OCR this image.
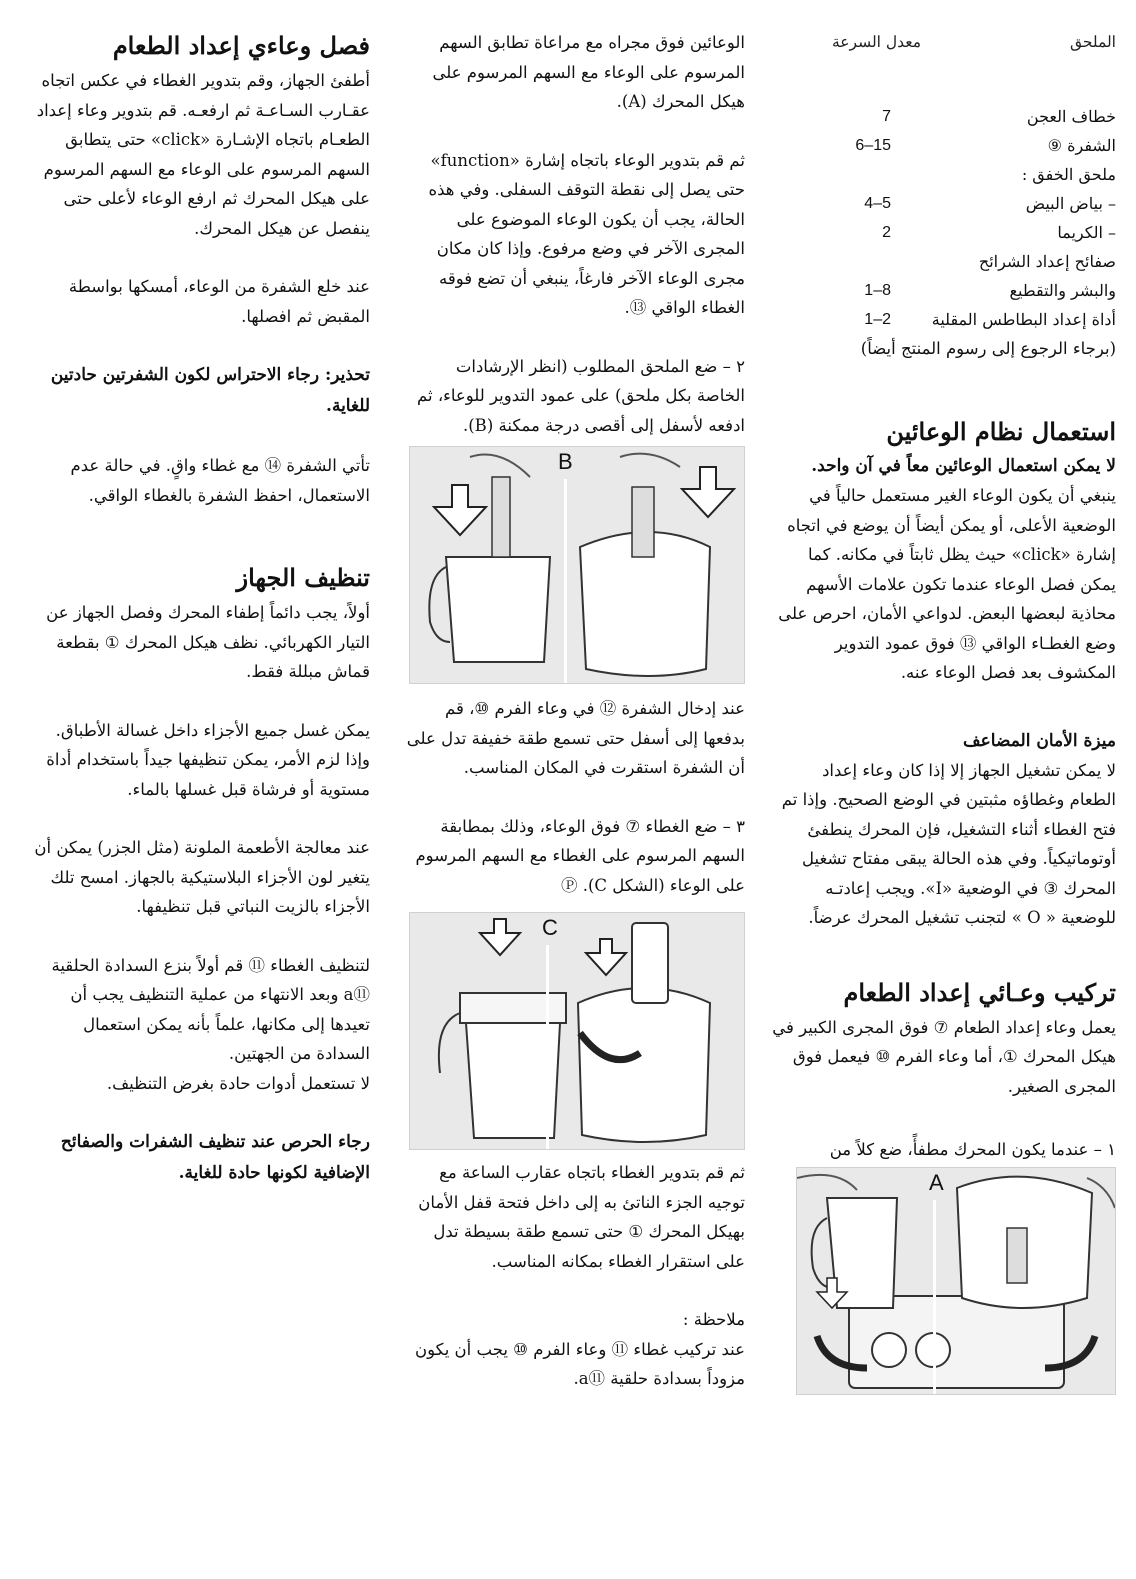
الملحق
معدل السرعة
خطاف العجن
7
الشفرة ⑨
6–15
ملحق الخفق :
– بياض البيض
4–5
– الكريما
2
صفائح إعداد الشرائح
والبشر والتقطيع
1–8
أداة إعداد البطاطس المقلية
1–2

(برجاء الرجوع إلى رسوم المنتج أيضاً)

استعمال نظام الوعائين

لا يمكن استعمال الوعائين معاً في آن واحد.

ينبغي أن يكون الوعاء الغير مستعمل حالياً في الوضعية الأعلى، أو يمكن أيضاً أن يوضع في اتجاه إشارة «click» حيث يظل ثابتاً في مكانه. كما يمكن فصل الوعاء عندما تكون علامات الأسهم محاذية لبعضها البعض. لدواعي الأمان، احرص على وضع الغطـاء الواقي ⑬ فوق عمود التدوير المكشوف بعد فصل الوعاء عنه.

ميزة الأمان المضاعف

لا يمكن تشغيل الجهاز إلا إذا كان وعاء إعداد الطعام وغطاؤه مثبتين في الوضع الصحيح. وإذا تم فتح الغطاء أثناء التشغيل، فإن المحرك ينطفئ أوتوماتيكياً. وفي هذه الحالة يبقى مفتاح تشغيل المحرك ③ في الوضعية «I». ويجب إعادتـه للوضعية « O » لتجنب تشغيل المحرك عرضاً.

تركيب وعـائي إعداد الطعام

يعمل وعاء إعداد الطعام ⑦ فوق المجرى الكبير في هيكل المحرك ①، أما وعاء الفرم ⑩ فيعمل فوق المجرى الصغير.

١ – عندما يكون المحرك مطفأً، ضع كلاً من

A

الوعائين فوق مجراه مع مراعاة تطابق السهم المرسوم على الوعاء مع السهم المرسوم على هيكل المحرك (A).

ثم قم بتدوير الوعاء باتجاه إشارة «function» حتى يصل إلى نقطة التوقف السفلى. وفي هذه الحالة، يجب أن يكون الوعاء الموضوع على المجرى الآخر في وضع مرفوع. وإذا كان مكان مجرى الوعاء الآخر فارغاً، ينبغي أن تضع فوقه الغطاء الواقي ⑬.

٢ – ضع الملحق المطلوب (انظر الإرشادات الخاصة بكل ملحق) على عمود التدوير للوعاء، ثم ادفعه لأسفل إلى أقصى درجة ممكنة (B).

B

عند إدخال الشفرة ⑫ في وعاء الفرم ⑩، قم بدفعها إلى أسفل حتى تسمع طقة خفيفة تدل على أن الشفرة استقرت في المكان المناسب.

٣ – ضع الغطاء ⑦ فوق الوعاء، وذلك بمطابقة السهم المرسوم على الغطاء مع السهم المرسوم على الوعاء (الشكل C). Ⓟ

C

ثم قم بتدوير الغطاء باتجاه عقارب الساعة مع توجيه الجزء الناتئ به إلى داخل فتحة قفل الأمان بهيكل المحرك ① حتى تسمع طقة بسيطة تدل على استقرار الغطاء بمكانه المناسب.

ملاحظة :

عند تركيب غطاء ⑪ وعاء الفرم ⑩ يجب أن يكون مزوداً بسدادة حلقية ⑪a.

فصل وعاءي إعداد الطعام

أطفئ الجهاز، وقم بتدوير الغطاء في عكس اتجاه عقـارب السـاعـة ثم ارفعـه. قم بتدوير وعاء إعداد الطعـام باتجاه الإشـارة «click» حتى يتطابق السهم المرسوم على الوعاء مع السهم المرسوم على هيكل المحرك ثم ارفع الوعاء لأعلى حتى ينفصل عن هيكل المحرك.

عند خلع الشفرة من الوعاء، أمسكها بواسطة المقبض ثم افصلها.

تحذير: رجاء الاحتراس لكون الشفرتين حادتين للغاية.

تأتي الشفرة ⑭ مع غطاء واقٍ. في حالة عدم الاستعمال، احفظ الشفرة بالغطاء الواقي.

تنظيف الجهاز

أولاً، يجب دائماً إطفاء المحرك وفصل الجهاز عن التيار الكهربائي. نظف هيكل المحرك ① بقطعة قماش مبللة فقط.

يمكن غسل جميع الأجزاء داخل غسالة الأطباق. وإذا لزم الأمر، يمكن تنظيفها جيداً باستخدام أداة مستوية أو فرشاة قبل غسلها بالماء.

عند معالجة الأطعمة الملونة (مثل الجزر) يمكن أن يتغير لون الأجزاء البلاستيكية بالجهاز. امسح تلك الأجزاء بالزيت النباتي قبل تنظيفها.

لتنظيف الغطاء ⑪ قم أولاً بنزع السدادة الحلقية ⑪a وبعد الانتهاء من عملية التنظيف يجب أن تعيدها إلى مكانها، علماً بأنه يمكن استعمال السدادة من الجهتين.

لا تستعمل أدوات حادة بغرض التنظيف.

رجاء الحرص عند تنظيف الشفرات والصفائح الإضافية لكونها حادة للغاية.
